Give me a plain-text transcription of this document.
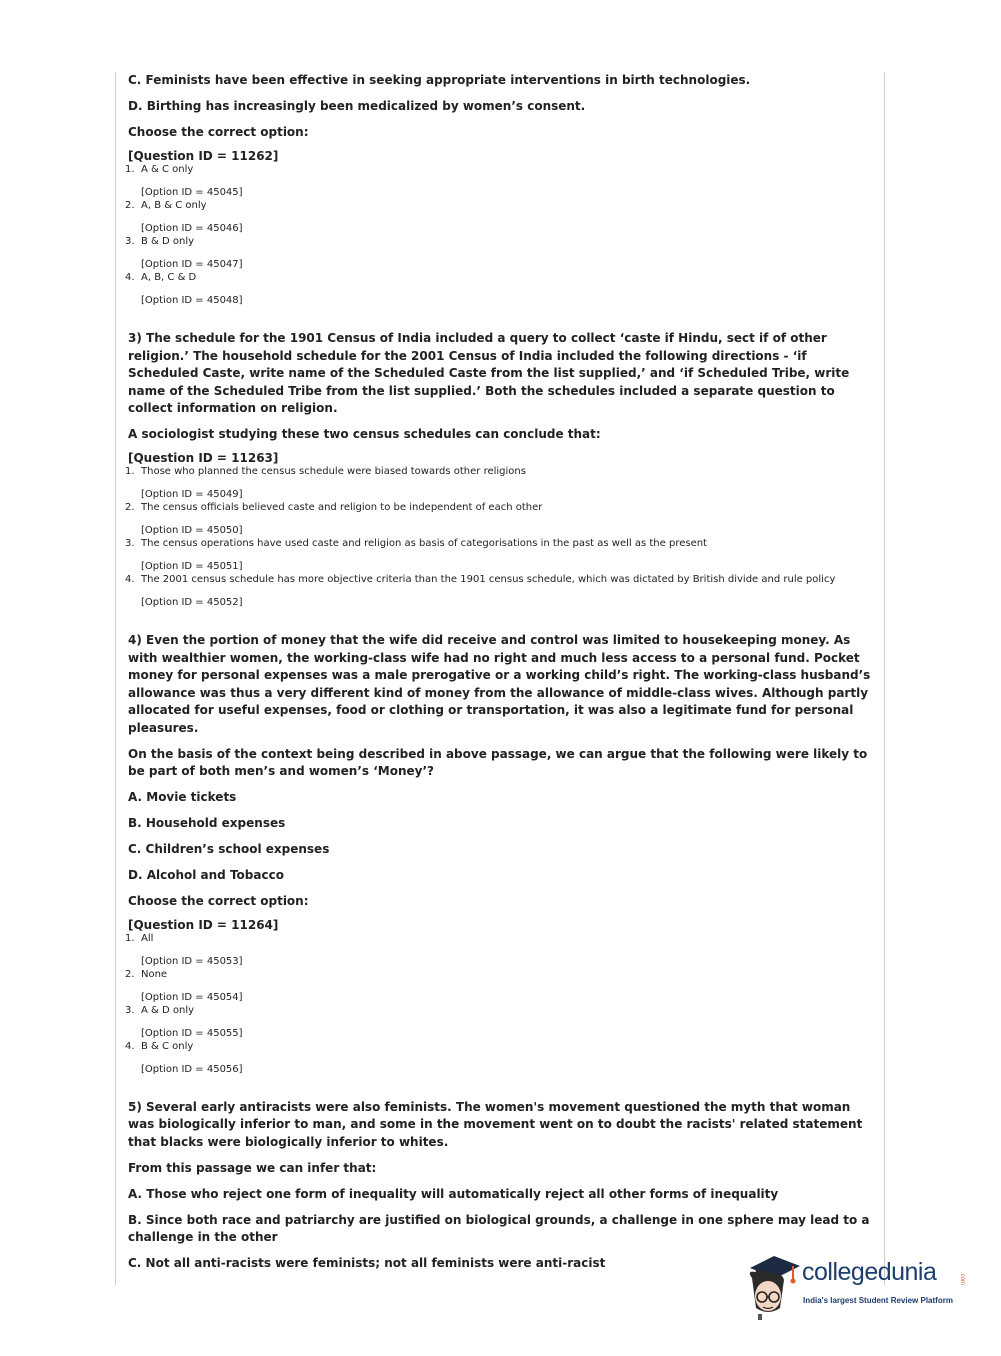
C. Feminists have been effective in seeking appropriate interventions in birth technologies.

D. Birthing has increasingly been medicalized by women’s consent.

Choose the correct option:

[Question ID = 11262]

1. A & C only

[Option ID = 45045]

2. A, B & C only

[Option ID = 45046]

3. B & D only

[Option ID = 45047]

4. A, B, C & D

[Option ID = 45048]

3) The schedule for the 1901 Census of India included a query to collect ‘caste if Hindu, sect if of other religion.’ The household schedule for the 2001 Census of India included the following directions - ‘if Scheduled Caste, write name of the Scheduled Caste from the list supplied,’ and ‘if Scheduled Tribe, write name of the Scheduled Tribe from the list supplied.’ Both the schedules included a separate question to collect information on religion.

A sociologist studying these two census schedules can conclude that:

[Question ID = 11263]

1. Those who planned the census schedule were biased towards other religions

[Option ID = 45049]

2. The census officials believed caste and religion to be independent of each other

[Option ID = 45050]

3. The census operations have used caste and religion as basis of categorisations in the past as well as the present

[Option ID = 45051]

4. The 2001 census schedule has more objective criteria than the 1901 census schedule, which was dictated by British divide and rule policy

[Option ID = 45052]

4) Even the portion of money that the wife did receive and control was limited to housekeeping money. As with wealthier women, the working-class wife had no right and much less access to a personal fund. Pocket money for personal expenses was a male prerogative or a working child’s right. The working-class husband’s allowance was thus a very different kind of money from the allowance of middle-class wives. Although partly allocated for useful expenses, food or clothing or transportation, it was also a legitimate fund for personal pleasures.

On the basis of the context being described in above passage, we can argue that the following were likely to be part of both men’s and women’s ‘Money’?

A. Movie tickets

B. Household expenses

C. Children’s school expenses

D. Alcohol and Tobacco

Choose the correct option:

[Question ID = 11264]

1. All

[Option ID = 45053]

2. None

[Option ID = 45054]

3. A & D only

[Option ID = 45055]

4. B & C only

[Option ID = 45056]

5) Several early antiracists were also feminists. The women's movement questioned the myth that woman was biologically inferior to man, and some in the movement went on to doubt the racists' related statement that blacks were biologically inferior to whites.

From this passage we can infer that:

A. Those who reject one form of inequality will automatically reject all other forms of inequality

B. Since both race and patriarchy are justified on biological grounds, a challenge in one sphere may lead to a challenge in the other

C. Not all anti-racists were feminists; not all feminists were anti-racist	collegedunia	.com
India's largest Student Review Platform
